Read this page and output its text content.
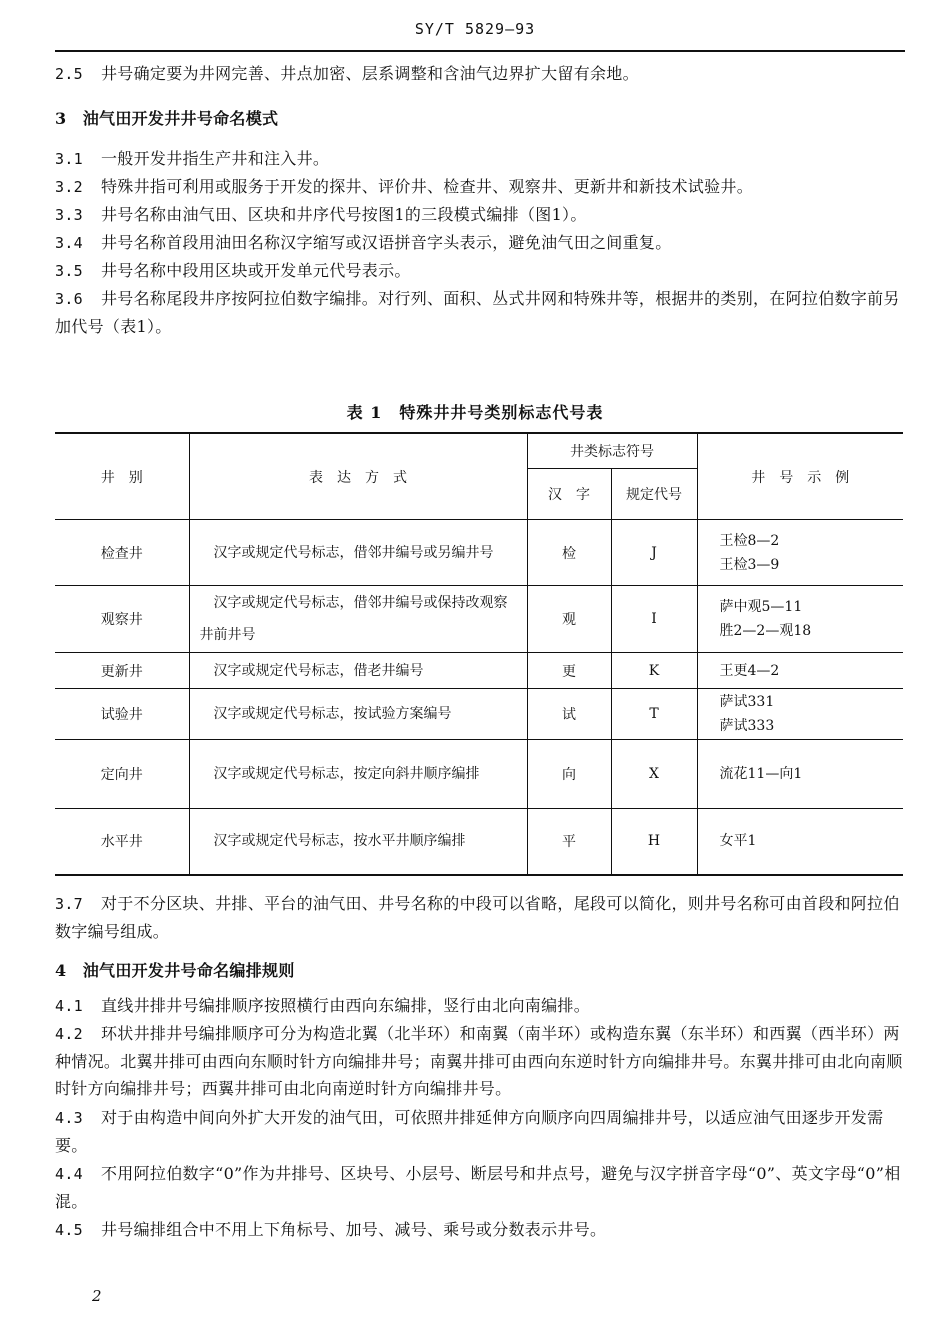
SY/T 5829—93
2.5 井号确定要为井网完善、井点加密、层系调整和含油气边界扩大留有余地。
3　油气田开发井井号命名模式
3.1 一般开发井指生产井和注入井。
3.2 特殊井指可利用或服务于开发的探井、评价井、检查井、观察井、更新井和新技术试验井。
3.3 井号名称由油气田、区块和井序代号按图1的三段模式编排（图1）。
3.4 井号名称首段用油田名称汉字缩写或汉语拼音字头表示，避免油气田之间重复。
3.5 井号名称中段用区块或开发单元代号表示。
3.6 井号名称尾段井序按阿拉伯数字编排。对行列、面积、丛式井网和特殊井等，根据井的类别，在阿拉伯数字前另加代号（表1）。
表 1　特殊井井号类别标志代号表
井　别	表　达　方　式	井类标志符号		井　号　示　例
		汉　字	规定代号	
检查井	汉字或规定代号标志，借邻井编号或另编井号	检	J	王检8—2
王检3—9

观察井	汉字或规定代号标志，借邻井编号或保持改观察井前井号	观	I	萨中观5—11
胜2—2—观18

更新井	汉字或规定代号标志，借老井编号	更	K	王更4—2

试验井	汉字或规定代号标志，按试验方案编号	试	T	萨试331
萨试333

定向井	汉字或规定代号标志，按定向斜井顺序编排	向	X	流花11—向1

水平井	汉字或规定代号标志，按水平井顺序编排	平	H	女平1
3.7 对于不分区块、井排、平台的油气田、井号名称的中段可以省略，尾段可以简化，则井号名称可由首段和阿拉伯数字编号组成。
4　油气田开发井号命名编排规则
4.1 直线井排井号编排顺序按照横行由西向东编排，竖行由北向南编排。
4.2 环状井排井号编排顺序可分为构造北翼（北半环）和南翼（南半环）或构造东翼（东半环）和西翼（西半环）两种情况。北翼井排可由西向东顺时针方向编排井号；南翼井排可由西向东逆时针方向编排井号。东翼井排可由北向南顺时针方向编排井号；西翼井排可由北向南逆时针方向编排井号。
4.3 对于由构造中间向外扩大开发的油气田，可依照井排延伸方向顺序向四周编排井号，以适应油气田逐步开发需要。
4.4 不用阿拉伯数字“0”作为井排号、区块号、小层号、断层号和井点号，避免与汉字拼音字母“0”、英文字母“0”相混。
4.5 井号编排组合中不用上下角标号、加号、减号、乘号或分数表示井号。
2
